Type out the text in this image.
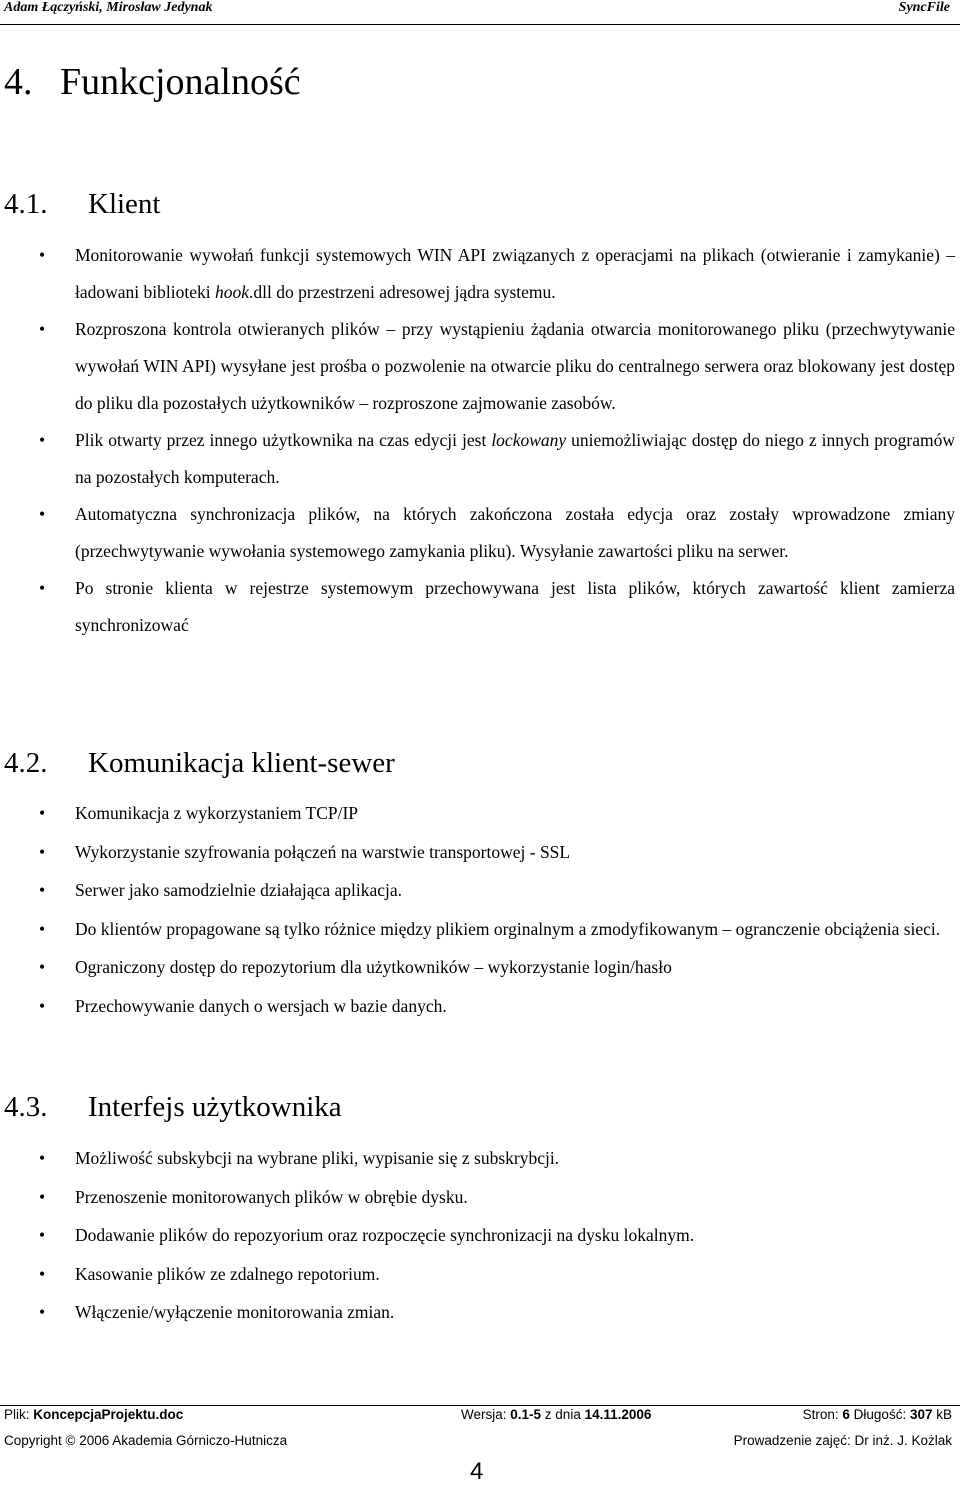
Adam Łączyński, Mirosław Jedynak	SyncFile
4. Funkcjonalność
4.1. Klient
• Monitorowanie wywołań funkcji systemowych WIN API związanych z operacjami na plikach (otwieranie i zamykanie) – ładowani biblioteki hook.dll do przestrzeni adresowej jądra systemu.
• Rozproszona kontrola otwieranych plików – przy wystąpieniu żądania otwarcia monitorowanego pliku (przechwytywanie wywołań WIN API) wysyłane jest prośba o pozwolenie na otwarcie pliku do centralnego serwera oraz blokowany jest dostęp do pliku dla pozostałych użytkowników – rozproszone zajmowanie zasobów.
• Plik otwarty przez innego użytkownika na czas edycji jest lockowany uniemożliwiając dostęp do niego z innych programów na pozostałych komputerach.
• Automatyczna synchronizacja plików, na których zakończona została edycja oraz zostały wprowadzone zmiany (przechwytywanie wywołania systemowego zamykania pliku). Wysyłanie zawartości pliku na serwer.
• Po stronie klienta w rejestrze systemowym przechowywana jest lista plików, których zawartość klient zamierza synchronizować
4.2. Komunikacja klient-sewer
• Komunikacja z wykorzystaniem TCP/IP
• Wykorzystanie szyfrowania połączeń na warstwie transportowej - SSL
• Serwer jako samodzielnie działająca aplikacja.
• Do klientów propagowane są tylko różnice między plikiem orginalnym a zmodyfikowanym – ogranczenie obciążenia sieci.
• Ograniczony dostęp do repozytorium dla użytkowników – wykorzystanie login/hasło
• Przechowywanie danych o wersjach w bazie danych.
4.3. Interfejs użytkownika
• Możliwość subskybcji na wybrane pliki, wypisanie się z subskrybcji.
• Przenoszenie monitorowanych plików w obrębie dysku.
• Dodawanie plików do repozyorium oraz rozpoczęcie synchronizacji na dysku lokalnym.
• Kasowanie plików ze zdalnego repotorium.
• Włączenie/wyłączenie monitorowania zmian.
Plik: KoncepcjaProjektu.doc	Wersja: 0.1-5 z dnia 14.11.2006	Stron: 6 Długość: 307 kB
Copyright © 2006 Akademia Górniczo-Hutnicza	Prowadzenie zajęć: Dr inż. J. Kożlak
4
